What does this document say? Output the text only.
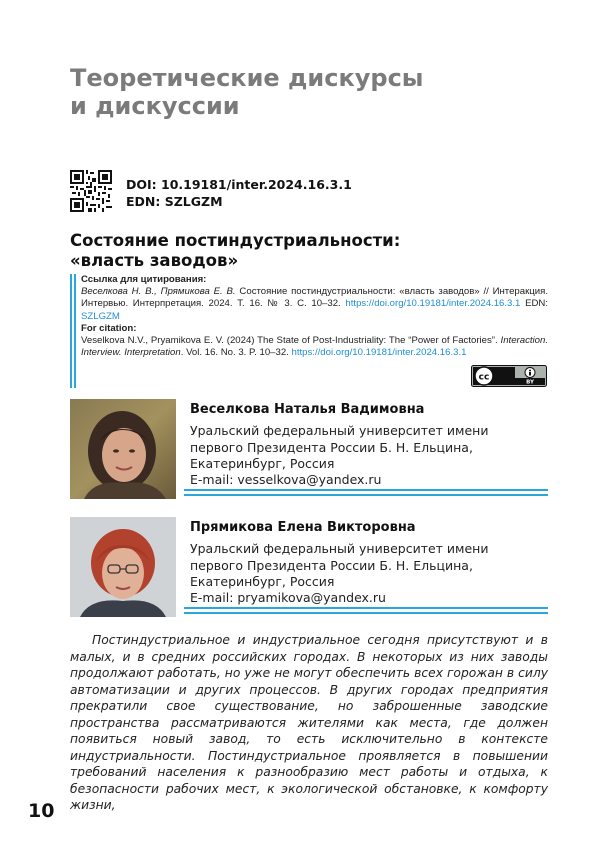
Теоретические дискурсы
и дискуссии
DOI: 10.19181/inter.2024.16.3.1
EDN: SZLGZM
Состояние постиндустриальности:
«власть заводов»
Ссылка для цитирования:

Веселкова Н. В., Прямикова Е. В. Состояние постиндустриальности: «власть заводов» // Интеракция. Интервью. Интерпретация. 2024. Т. 16. № 3. С. 10–32. https://doi.org/10.19181/inter.2024.16.3.1 EDN: SZLGZM

For citation:

Veselkova N.V., Pryamikova E. V. (2024) The State of Post-Industriality: The “Power of Factories”. Interaction. Interview. Interpretation. Vol. 16. No. 3. P. 10–32. https://doi.org/10.19181/inter.2024.16.3.1

cc	BY
Веселкова Наталья Вадимовна
Уральский федеральный университет имени
первого Президента России Б. Н. Ельцина,
Екатеринбург, Россия
E-mail: vesselkova@yandex.ru
Прямикова Елена Викторовна
Уральский федеральный университет имени
первого Президента России Б. Н. Ельцина,
Екатеринбург, Россия
E-mail: pryamikova@yandex.ru

Постиндустриальное и индустриальное сегодня присутствуют и в малых, и в средних российских городах. В некоторых из них заводы продолжают работать, но уже не могут обеспечить всех горожан в силу автоматизации и других процессов. В других городах предприятия прекратили свое существование, но заброшенные заводские пространства рассматриваются жителями как места, где должен появиться новый завод, то есть исключительно в контексте индустриальности. Постиндустриальное проявляется в повышении требований населения к разнообразию мест работы и отдыха, к безопасности рабочих мест, к экологической обстановке, к комфорту жизни,

10
